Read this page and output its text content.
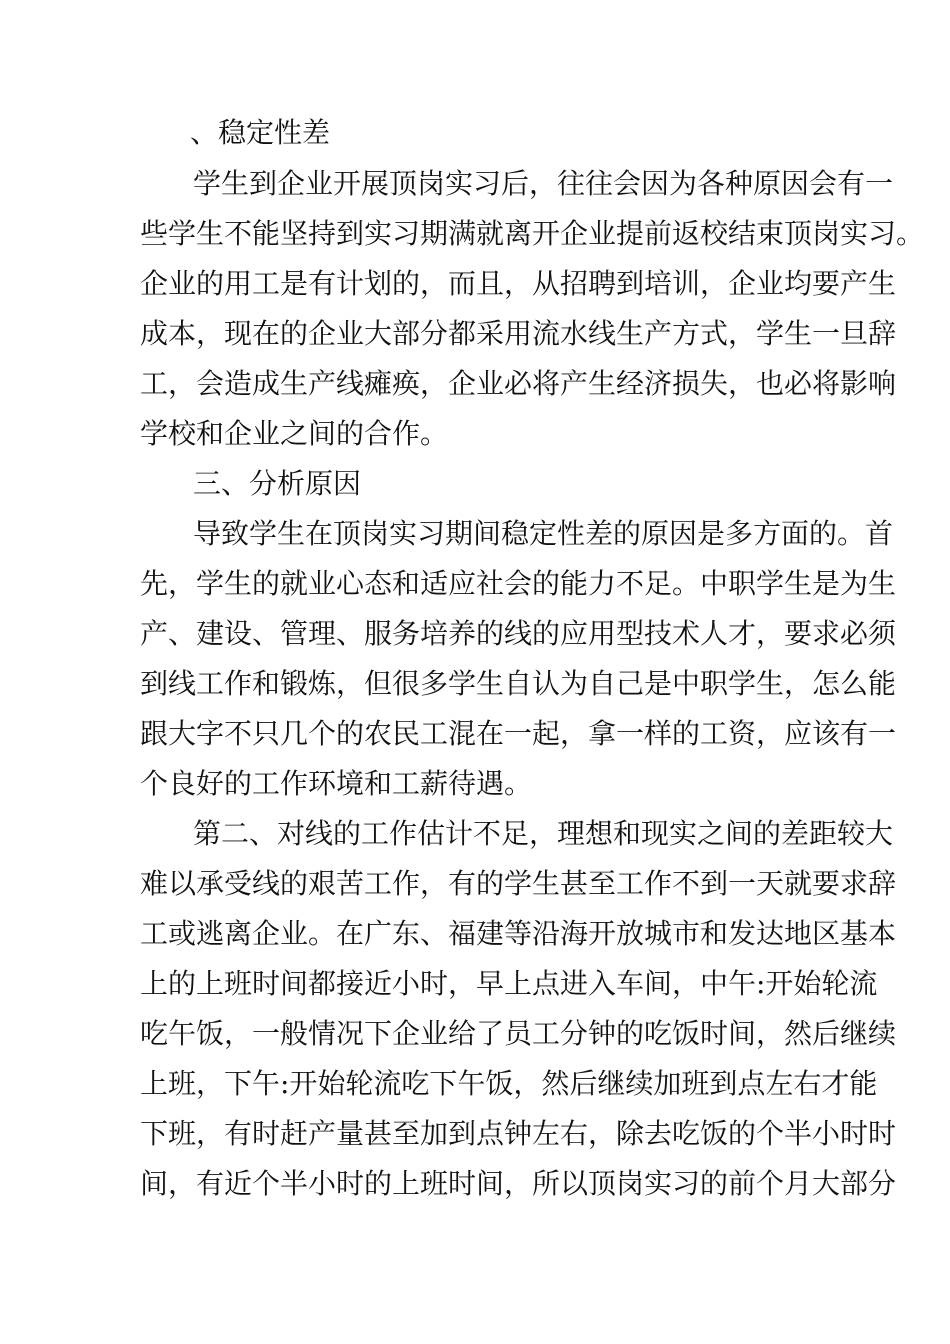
、稳定性差
学生到企业开展顶岗实习后，往往会因为各种原因会有一
些学生不能坚持到实习期满就离开企业提前返校结束顶岗实习。
企业的用工是有计划的，而且，从招聘到培训，企业均要产生
成本，现在的企业大部分都采用流水线生产方式，学生一旦辞
工，会造成生产线瘫痪，企业必将产生经济损失，也必将影响
学校和企业之间的合作。
三、分析原因
导致学生在顶岗实习期间稳定性差的原因是多方面的。首
先，学生的就业心态和适应社会的能力不足。中职学生是为生
产、建设、管理、服务培养的线的应用型技术人才，要求必须
到线工作和锻炼，但很多学生自认为自己是中职学生，怎么能
跟大字不只几个的农民工混在一起，拿一样的工资，应该有一
个良好的工作环境和工薪待遇。
第二、对线的工作估计不足，理想和现实之间的差距较大
难以承受线的艰苦工作，有的学生甚至工作不到一天就要求辞
工或逃离企业。在广东、福建等沿海开放城市和发达地区基本
上的上班时间都接近小时，早上点进入车间，中午:开始轮流
吃午饭，一般情况下企业给了员工分钟的吃饭时间，然后继续
上班，下午:开始轮流吃下午饭，然后继续加班到点左右才能
下班，有时赶产量甚至加到点钟左右，除去吃饭的个半小时时
间，有近个半小时的上班时间，所以顶岗实习的前个月大部分
